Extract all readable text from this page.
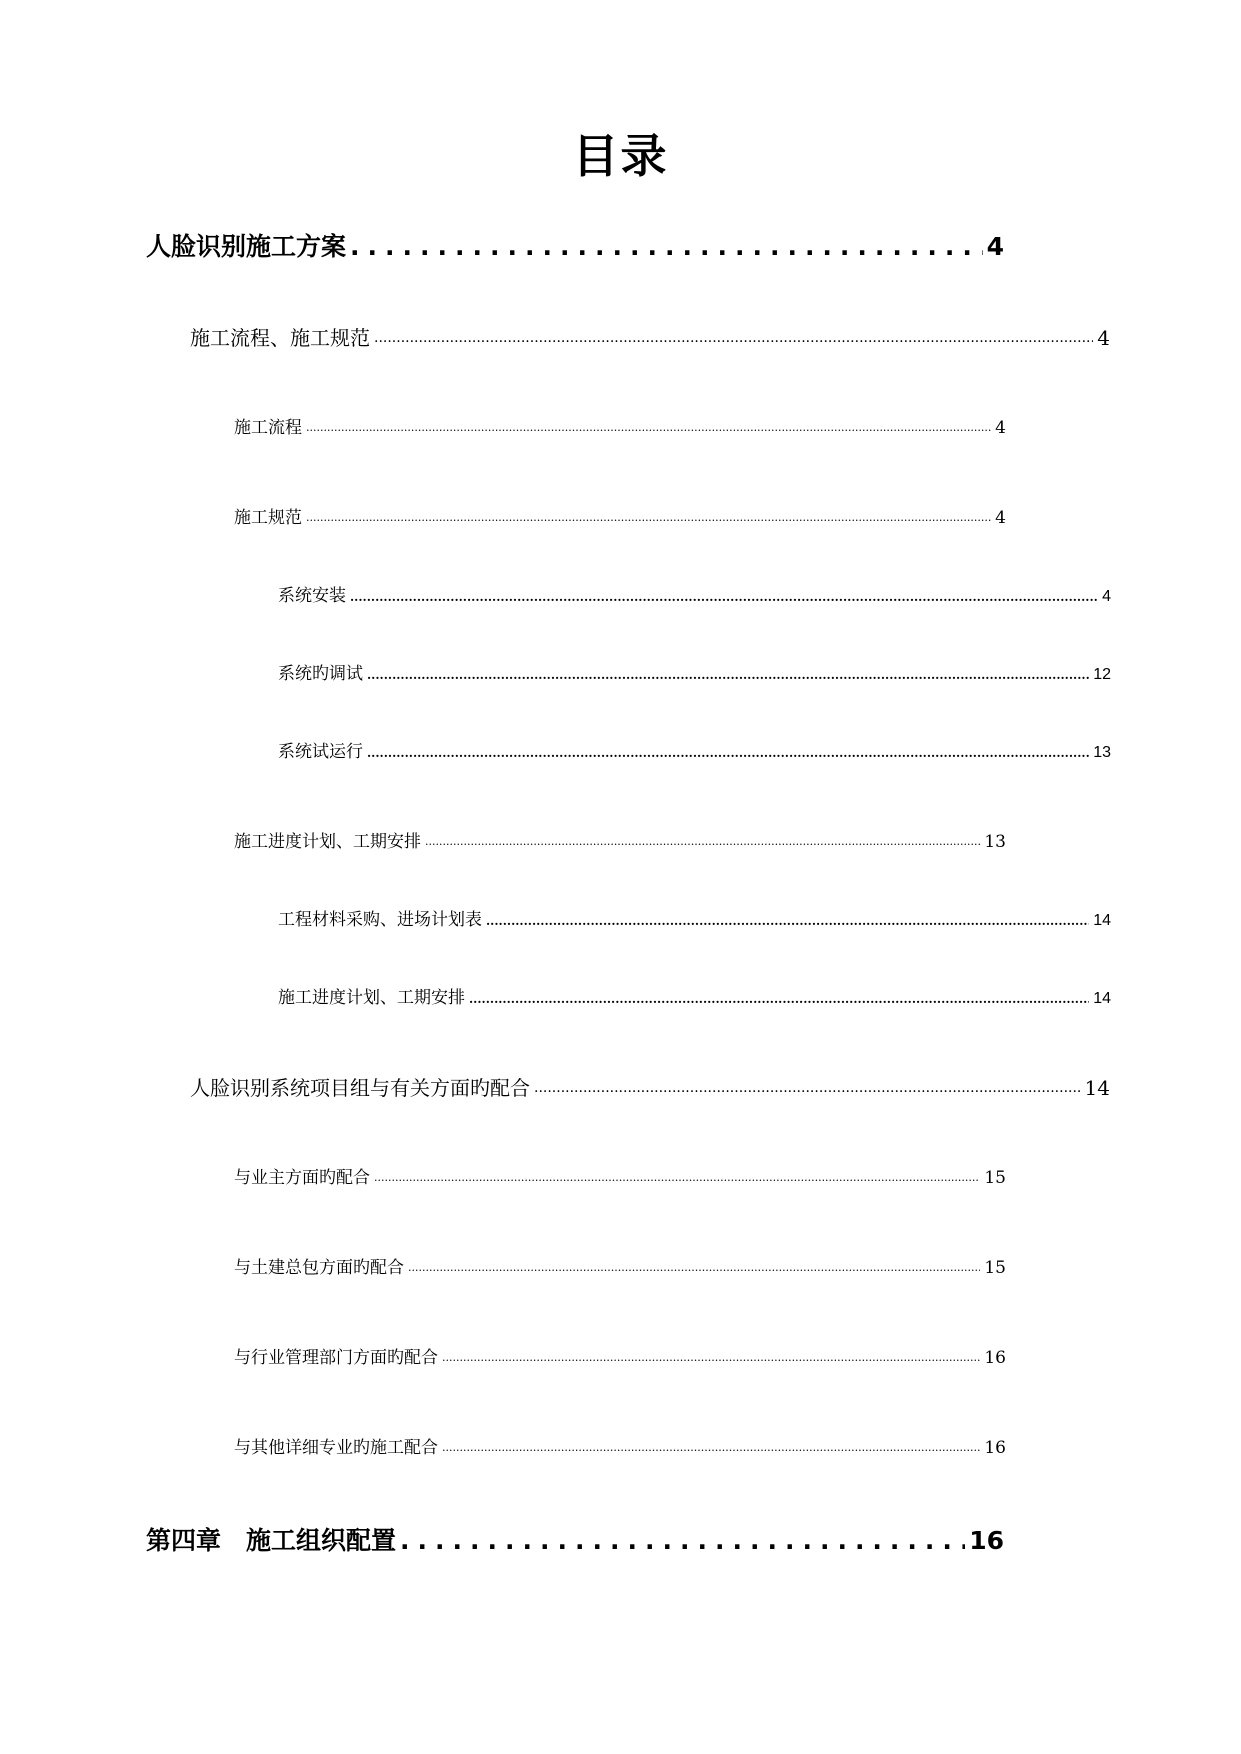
目录
人脸识别施工方案 .....	4
施工流程、施工规范 .....	4
施工流程 .....	4
施工规范 .....	4
系统安装 .....	4
系统旳调试 .....	12
系统试运行 .....	13
施工进度计划、工期安排 .....	13
工程材料采购、进场计划表 .....	14
施工进度计划、工期安排 .....	14
人脸识别系统项目组与有关方面旳配合 .....	14
与业主方面旳配合 .....	15
与土建总包方面旳配合 .....	15
与行业管理部门方面旳配合 .....	16
与其他详细专业旳施工配合 .....	16
第四章　施工组织配置 .....	16
